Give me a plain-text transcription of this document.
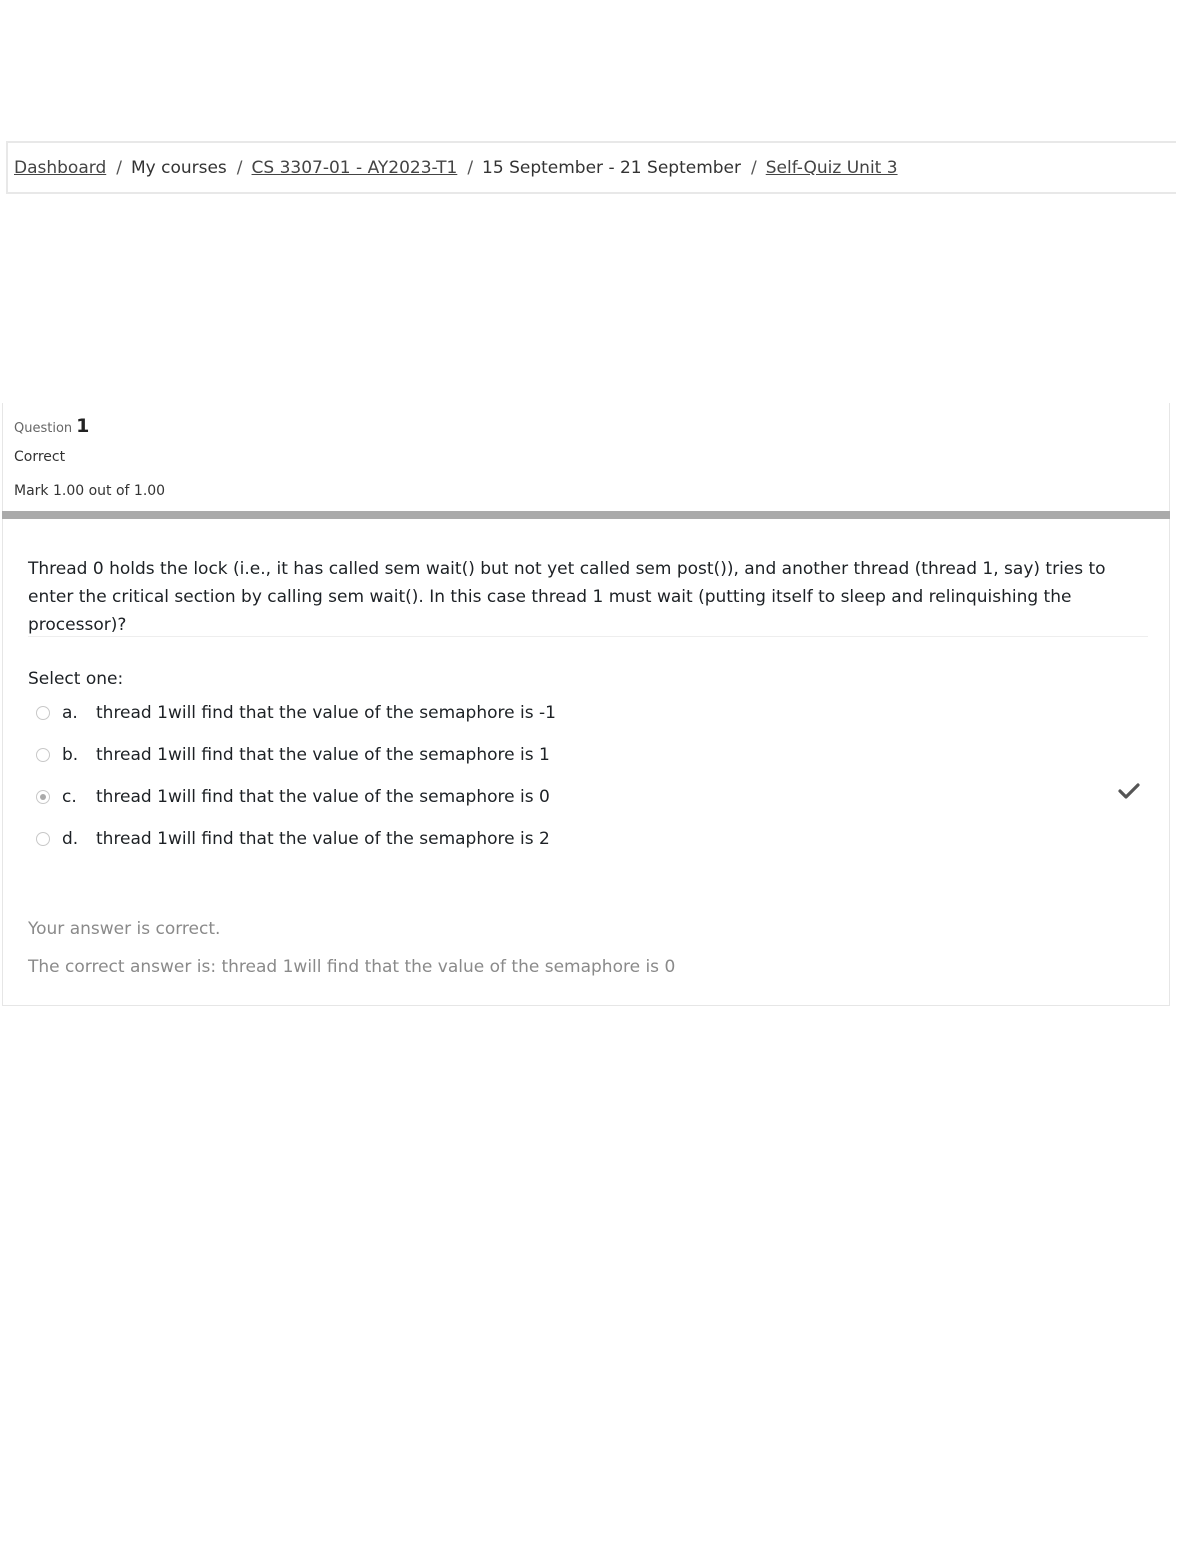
Dashboard / My courses / CS 3307-01 - AY2023-T1 / 15 September - 21 September / Self-Quiz Unit 3
Question 1
Correct
Mark 1.00 out of 1.00
Thread 0 holds the lock (i.e., it has called sem wait() but not yet called sem post()), and another thread (thread 1, say) tries to enter the critical section by calling sem wait(). In this case thread 1 must wait (putting itself to sleep and relinquishing the processor)?
Select one:
a.	thread 1will find that the value of the semaphore is -1
b.	thread 1will find that the value of the semaphore is 1
c.	thread 1will find that the value of the semaphore is 0
d.	thread 1will find that the value of the semaphore is 2
Your answer is correct.
The correct answer is: thread 1will find that the value of the semaphore is 0
